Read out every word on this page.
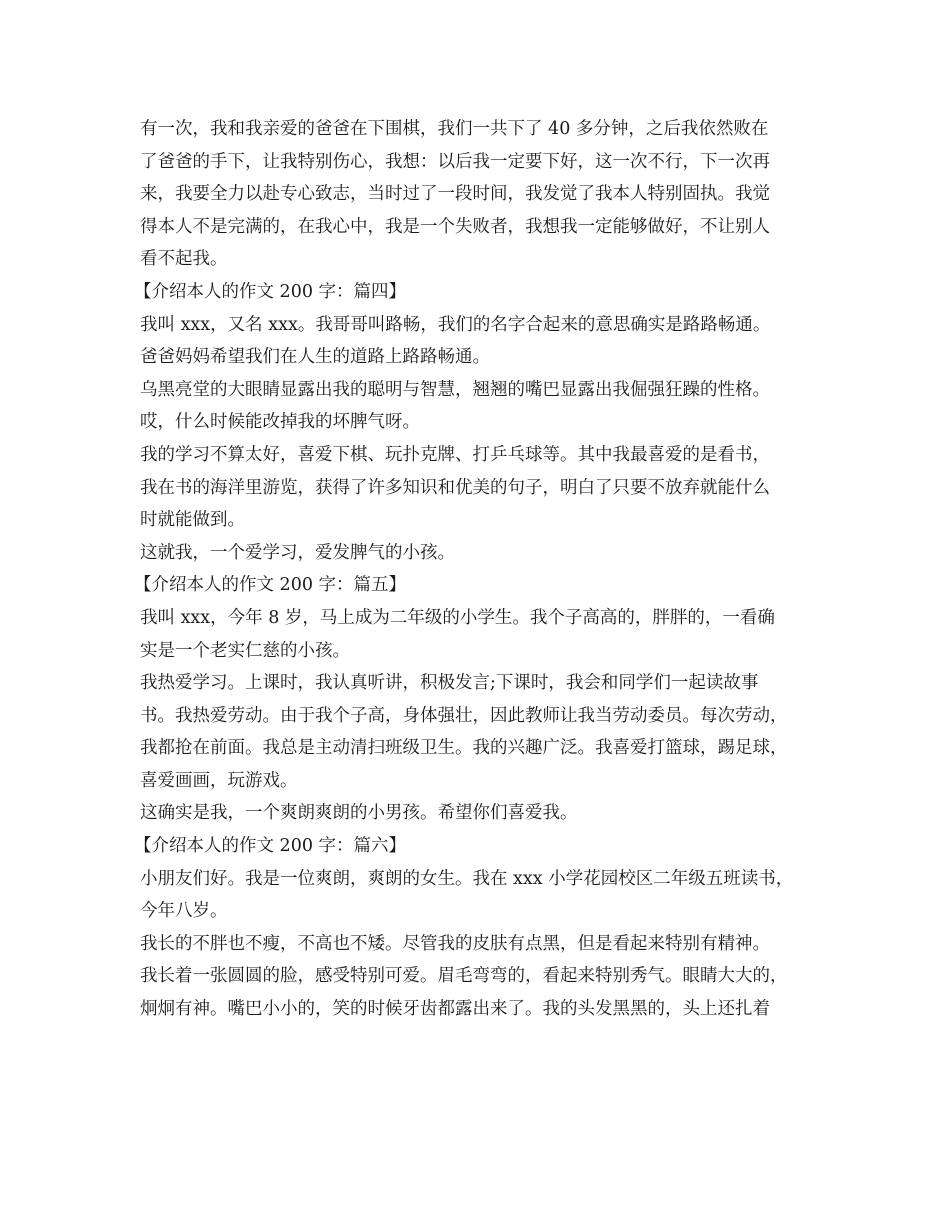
有一次，我和我亲爱的爸爸在下围棋，我们一共下了 40 多分钟，之后我依然败在
了爸爸的手下，让我特别伤心，我想：以后我一定要下好，这一次不行，下一次再
来，我要全力以赴专心致志，当时过了一段时间，我发觉了我本人特别固执。我觉
得本人不是完满的，在我心中，我是一个失败者，我想我一定能够做好，不让别人
看不起我。
【介绍本人的作文 200 字：篇四】
我叫 xxx，又名 xxx。我哥哥叫路畅，我们的名字合起来的意思确实是路路畅通。
爸爸妈妈希望我们在人生的道路上路路畅通。
乌黑亮堂的大眼睛显露出我的聪明与智慧，翘翘的嘴巴显露出我倔强狂躁的性格。
哎，什么时候能改掉我的坏脾气呀。
我的学习不算太好，喜爱下棋、玩扑克牌、打乒乓球等。其中我最喜爱的是看书，
我在书的海洋里游览，获得了许多知识和优美的句子，明白了只要不放弃就能什么
时就能做到。
这就我，一个爱学习，爱发脾气的小孩。
【介绍本人的作文 200 字：篇五】
我叫 xxx，今年 8 岁，马上成为二年级的小学生。我个子高高的，胖胖的，一看确
实是一个老实仁慈的小孩。
我热爱学习。上课时，我认真听讲，积极发言;下课时，我会和同学们一起读故事
书。我热爱劳动。由于我个子高，身体强壮，因此教师让我当劳动委员。每次劳动，
我都抢在前面。我总是主动清扫班级卫生。我的兴趣广泛。我喜爱打篮球，踢足球，
喜爱画画，玩游戏。
这确实是我，一个爽朗爽朗的小男孩。希望你们喜爱我。
【介绍本人的作文 200 字：篇六】
小朋友们好。我是一位爽朗，爽朗的女生。我在 xxx 小学花园校区二年级五班读书，
今年八岁。
我长的不胖也不瘦，不高也不矮。尽管我的皮肤有点黑，但是看起来特别有精神。
我长着一张圆圆的脸，感受特别可爱。眉毛弯弯的，看起来特别秀气。眼睛大大的，
炯炯有神。嘴巴小小的，笑的时候牙齿都露出来了。我的头发黑黑的，头上还扎着
